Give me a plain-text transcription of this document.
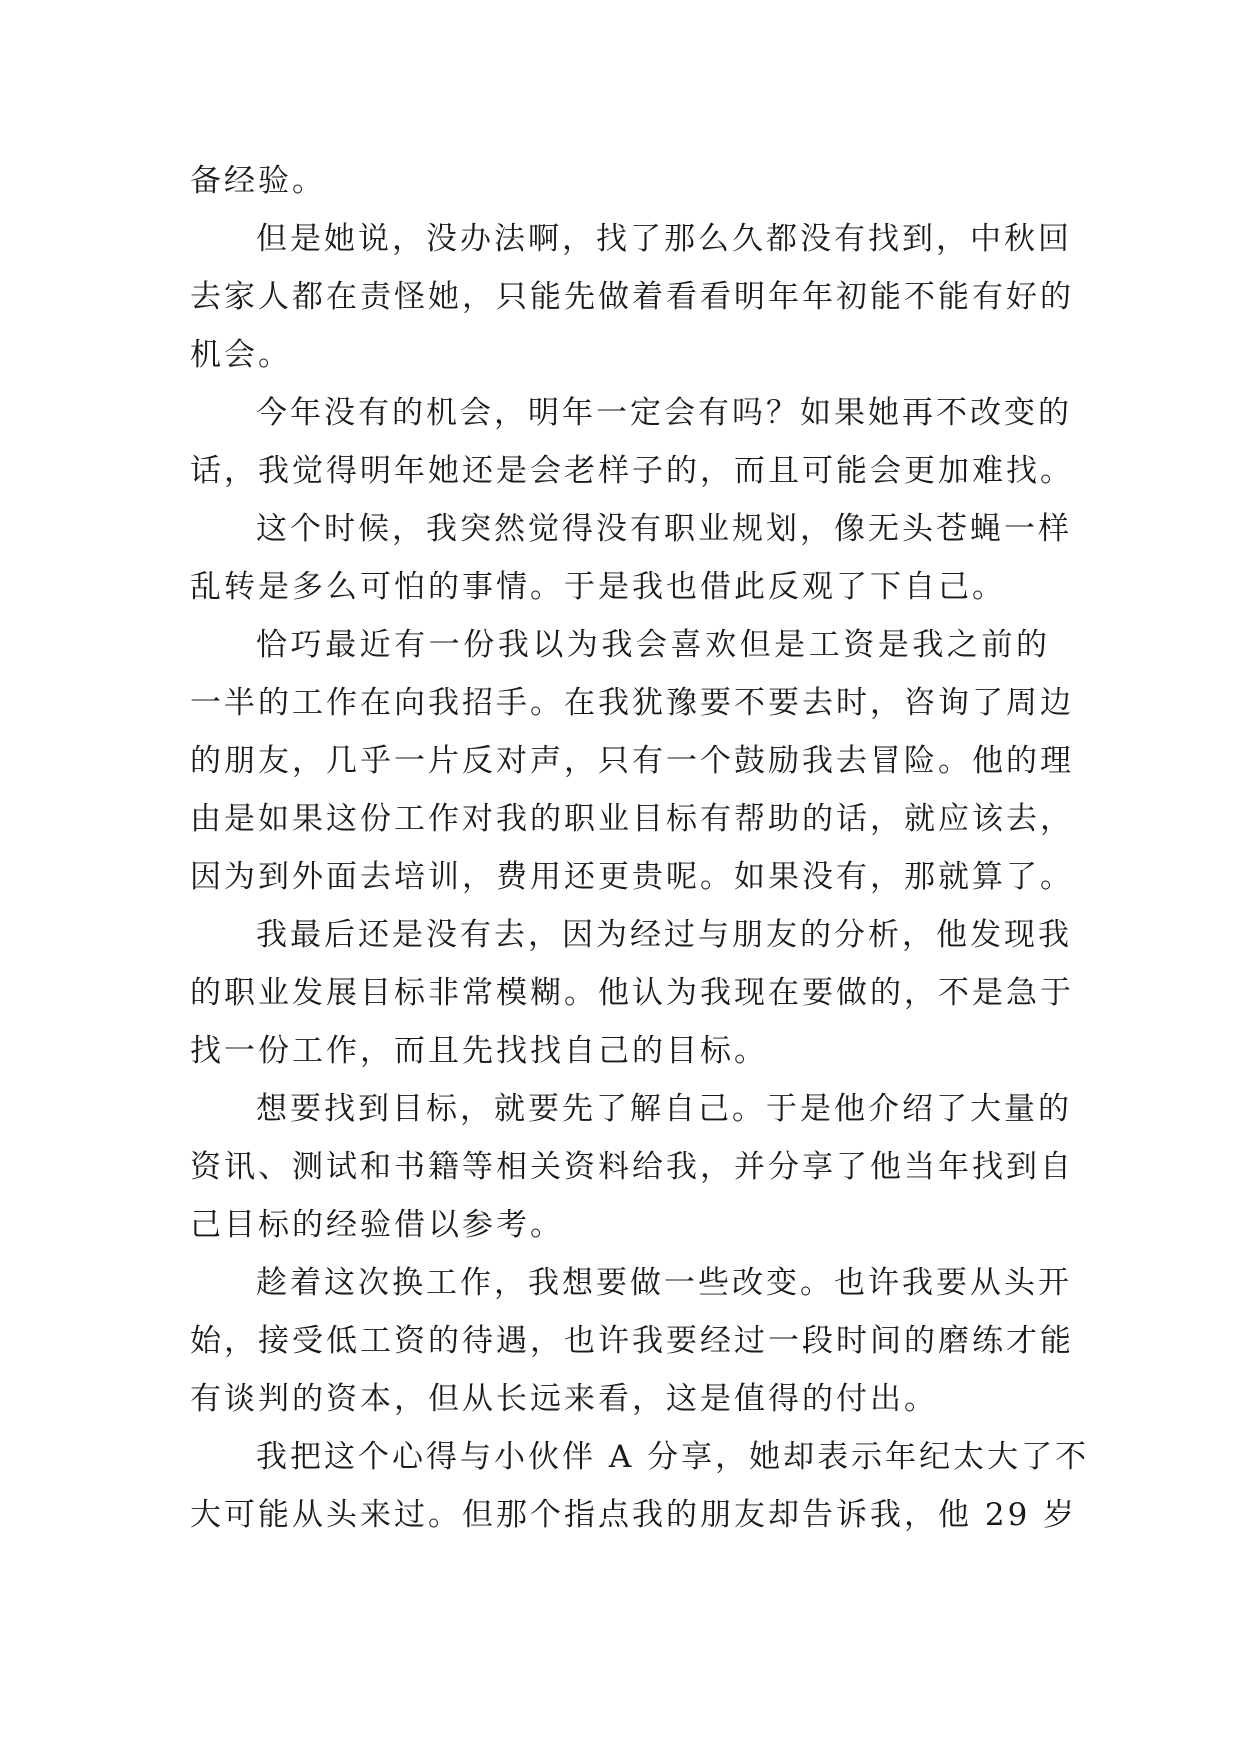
备经验。
但是她说，没办法啊，找了那么久都没有找到，中秋回
去家人都在责怪她，只能先做着看看明年年初能不能有好的
机会。
今年没有的机会，明年一定会有吗？如果她再不改变的
话，我觉得明年她还是会老样子的，而且可能会更加难找。
这个时候，我突然觉得没有职业规划，像无头苍蝇一样
乱转是多么可怕的事情。于是我也借此反观了下自己。
恰巧最近有一份我以为我会喜欢但是工资是我之前的
一半的工作在向我招手。在我犹豫要不要去时，咨询了周边
的朋友，几乎一片反对声，只有一个鼓励我去冒险。他的理
由是如果这份工作对我的职业目标有帮助的话，就应该去，
因为到外面去培训，费用还更贵呢。如果没有，那就算了。
我最后还是没有去，因为经过与朋友的分析，他发现我
的职业发展目标非常模糊。他认为我现在要做的，不是急于
找一份工作，而且先找找自己的目标。
想要找到目标，就要先了解自己。于是他介绍了大量的
资讯、测试和书籍等相关资料给我，并分享了他当年找到自
己目标的经验借以参考。
趁着这次换工作，我想要做一些改变。也许我要从头开
始，接受低工资的待遇，也许我要经过一段时间的磨练才能
有谈判的资本，但从长远来看，这是值得的付出。
我把这个心得与小伙伴 A 分享，她却表示年纪太大了不
大可能从头来过。但那个指点我的朋友却告诉我，他 29 岁
